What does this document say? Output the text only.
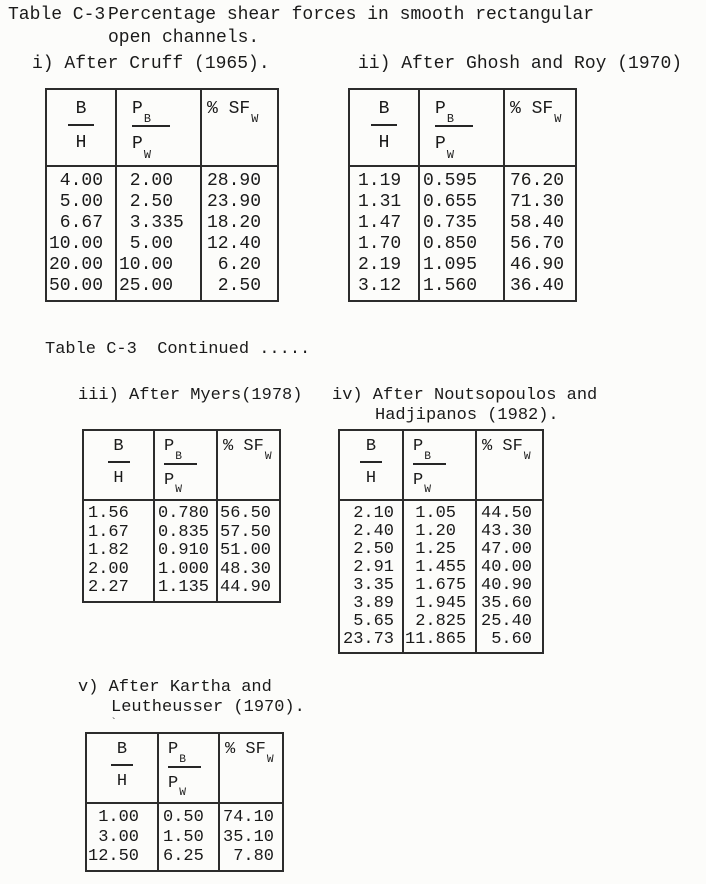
Table C-3 Percentage shear forces in smooth rectangular
open channels.
i) After Cruff (1965).	ii) After Ghosh and Roy (1970)
B
H
$P_B$
$P_W$
% $SF_W$
4.00
5.00
6.67
10.00
20.00
50.00
2.00
2.50
3.335
5.00
10.00
25.00
28.90
23.90
18.20
12.40
6.20
2.50
B
H
$P_B$
$P_W$
% $SF_W$
1.19
1.31
1.47
1.70
2.19
3.12
0.595
0.655
0.735
0.850
1.095
1.560
76.20
71.30
58.40
56.70
46.90
36.40
Table C-3  Continued .....
iii) After Myers(1978) iv) After Noutsopoulos and
Hadjipanos (1982).
B
H
$P_B$
$P_W$
% $SF_W$
1.56
1.67
1.82
2.00
2.27
0.780
0.835
0.910
1.000
1.135
56.50
57.50
51.00
48.30
44.90
B
H
$P_B$
$P_W$
% $SF_W$
2.10
2.40
2.50
2.91
3.35
3.89
5.65
23.73
1.05
1.20
1.25
1.455
1.675
1.945
2.825
11.865
44.50
43.30
47.00
40.00
40.90
35.60
25.40
5.60
v) After Kartha and
Leutheusser (1970).
`
B
H
$P_B$
$P_W$
% $SF_W$
1.00
3.00
12.50
0.50
1.50
6.25
74.10
35.10
7.80
